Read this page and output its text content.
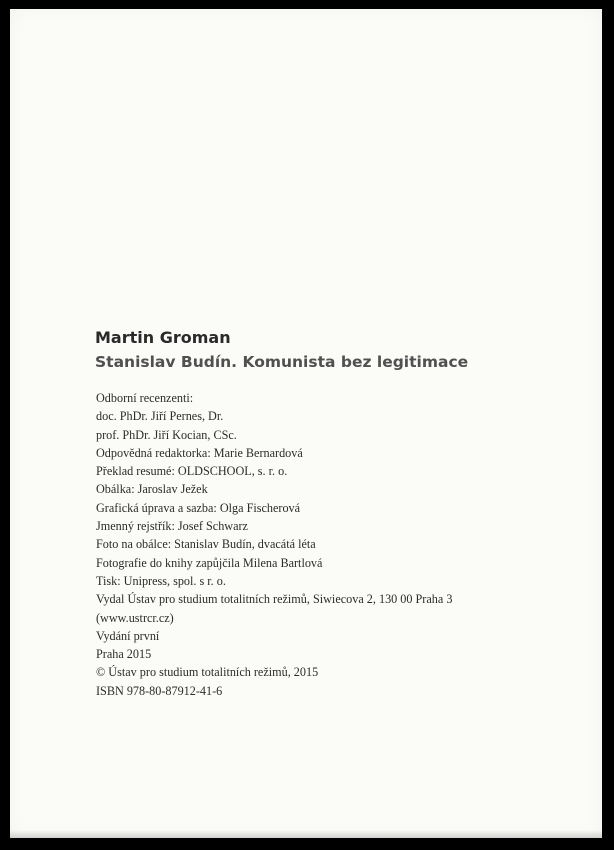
Martin Groman
Stanislav Budín. Komunista bez legitimace
Odborní recenzenti:
doc. PhDr. Jiří Pernes, Dr.
prof. PhDr. Jiří Kocian, CSc.
Odpovědná redaktorka: Marie Bernardová
Překlad resumé: OLDSCHOOL, s. r. o.
Obálka: Jaroslav Ježek
Grafická úprava a sazba: Olga Fischerová
Jmenný rejstřík: Josef Schwarz
Foto na obálce: Stanislav Budín, dvacátá léta
Fotografie do knihy zapůjčila Milena Bartlová
Tisk: Unipress, spol. s r. o.
Vydal Ústav pro studium totalitních režimů, Siwiecova 2, 130 00 Praha 3
(www.ustrcr.cz)
Vydání první
Praha 2015
© Ústav pro studium totalitních režimů, 2015
ISBN 978-80-87912-41-6
